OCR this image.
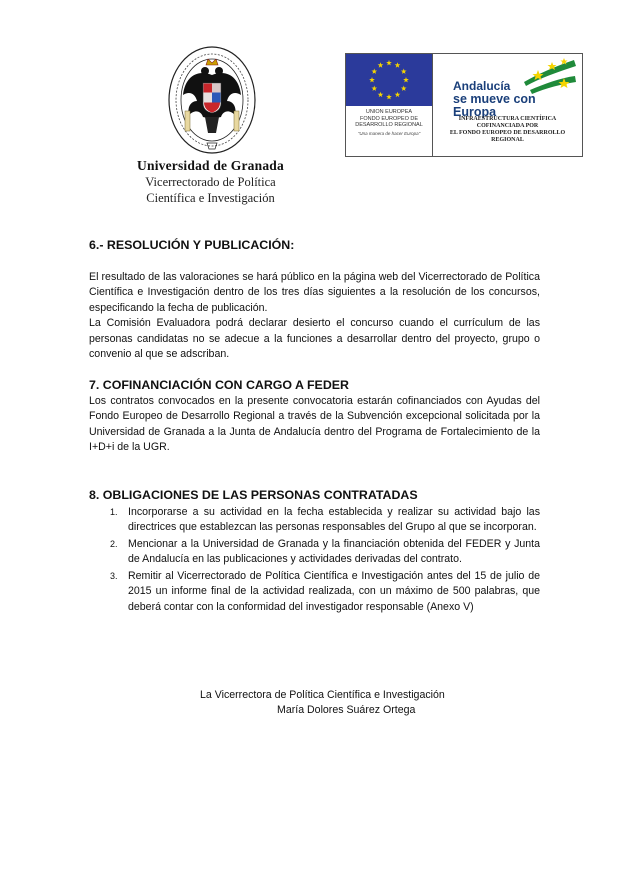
Universidad de Granada
Vicerrectorado de Política
Científica e Investigación
UNION EUROPEA
FONDO EUROPEO DE
DESARROLLO REGIONAL
"Una manera de hacer Europa"
Andalucía
se mueve con Europa
INFRAESTRUCTURA CIENTÍFICA
COFINANCIADA POR
EL FONDO EUROPEO DE DESARROLLO
REGIONAL
6.- RESOLUCIÓN Y PUBLICACIÓN:

El resultado de las valoraciones se hará público en la página web del Vicerrectorado de Política Científica e Investigación dentro de los tres días siguientes a la resolución de los concursos, especificando la fecha de publicación.

La Comisión Evaluadora podrá declarar desierto el concurso cuando el currículum de las personas candidatas no se adecue a la funciones a desarrollar dentro del proyecto, grupo o convenio al que se adscriban.

7. COFINANCIACIÓN CON CARGO A FEDER

Los contratos convocados en la presente convocatoria estarán cofinanciados con Ayudas del Fondo Europeo de Desarrollo Regional a través de la Subvención excepcional solicitada por la Universidad de Granada a la Junta de Andalucía dentro del Programa de Fortalecimiento de la I+D+i de la UGR.

8. OBLIGACIONES DE LAS PERSONAS CONTRATADAS
1. Incorporarse a su actividad en la fecha establecida y realizar su actividad bajo las directrices que establezcan las personas responsables del Grupo al que se incorporan.
2. Mencionar a la Universidad de Granada y la financiación obtenida del FEDER y Junta de Andalucía en las publicaciones y actividades derivadas del contrato.
3. Remitir al Vicerrectorado de Política Científica e Investigación antes del 15 de julio de 2015 un informe final de la actividad realizada, con un máximo de 500 palabras, que deberá contar con la conformidad del investigador responsable (Anexo V)
La Vicerrectora de Política Científica e Investigación
María Dolores Suárez Ortega
